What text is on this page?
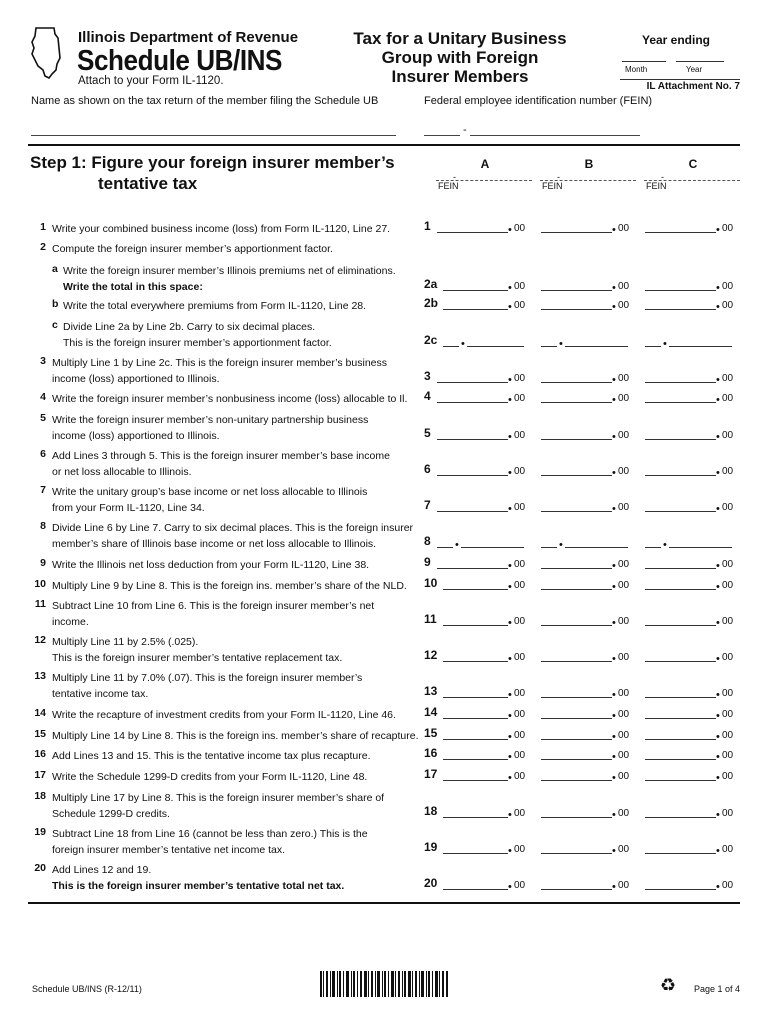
Illinois Department of Revenue
Schedule UB/INS
Attach to your Form IL-1120.
Tax for a Unitary Business
Group with Foreign
Insurer Members
Year ending
Month	Year
IL Attachment No. 7
Name as shown on the tax return of the member filing the Schedule UB	Federal employee identification number (FEIN)
-
Step 1: Figure your foreign insurer member’s
tentative tax
A	B	C
-	-	-
FEIN	FEIN	FEIN
1 Write your combined business income (loss) from Form IL-1120, Line 27.	1	• 00	• 00	• 00
2 Compute the foreign insurer member’s apportionment factor.
a Write the foreign insurer member’s Illinois premiums net of eliminations.
Write the total in this space:	2a	• 00	• 00	• 00
b Write the total everywhere premiums from Form IL-1120, Line 28.	2b	• 00	• 00	• 00
c Divide Line 2a by Line 2b. Carry to six decimal places.
This is the foreign insurer member’s apportionment factor.	2c •	•	•
3 Multiply Line 1 by Line 2c. This is the foreign insurer member’s business
income (loss) apportioned to Illinois.	3	• 00	• 00	• 00
4 Write the foreign insurer member’s nonbusiness income (loss) allocable to Il.	4	• 00	• 00	• 00
5 Write the foreign insurer member’s non-unitary partnership business
income (loss) apportioned to Illinois.	5	• 00	• 00	• 00
6 Add Lines 3 through 5. This is the foreign insurer member’s base income
or net loss allocable to Illinois.	6	• 00	• 00	• 00
7 Write the unitary group’s base income or net loss allocable to Illinois
from your Form IL-1120, Line 34.	7	• 00	• 00	• 00
8 Divide Line 6 by Line 7. Carry to six decimal places. This is the foreign insurer
member’s share of Illinois base income or net loss allocable to Illinois.	8 •	•	•
9 Write the Illinois net loss deduction from your Form IL-1120, Line 38.	9	• 00	• 00	• 00
10 Multiply Line 9 by Line 8. This is the foreign ins. member’s share of the NLD.	10	• 00	• 00	• 00
11 Subtract Line 10 from Line 6. This is the foreign insurer member’s net
income.	11	• 00	• 00	• 00
12 Multiply Line 11 by 2.5% (.025).
This is the foreign insurer member’s tentative replacement tax.	12	• 00	• 00	• 00
13 Multiply Line 11 by 7.0% (.07). This is the foreign insurer member’s
tentative income tax.	13	• 00	• 00	• 00
14 Write the recapture of investment credits from your Form IL-1120, Line 46.	14	• 00	• 00	• 00
15 Multiply Line 14 by Line 8. This is the foreign ins. member’s share of recapture. 15	• 00	• 00	• 00
16 Add Lines 13 and 15. This is the tentative income tax plus recapture.	16	• 00	• 00	• 00
17 Write the Schedule 1299-D credits from your Form IL-1120, Line 48.	17	• 00	• 00	• 00
18 Multiply Line 17 by Line 8. This is the foreign insurer member’s share of
Schedule 1299-D credits.	18	• 00	• 00	• 00
19 Subtract Line 18 from Line 16 (cannot be less than zero.) This is the
foreign insurer member’s tentative net income tax.	19	• 00	• 00	• 00
20 Add Lines 12 and 19.
This is the foreign insurer member’s tentative total net tax.	20	• 00	• 00	• 00
Schedule UB/INS (R-12/11)	♻ Page 1 of 4
